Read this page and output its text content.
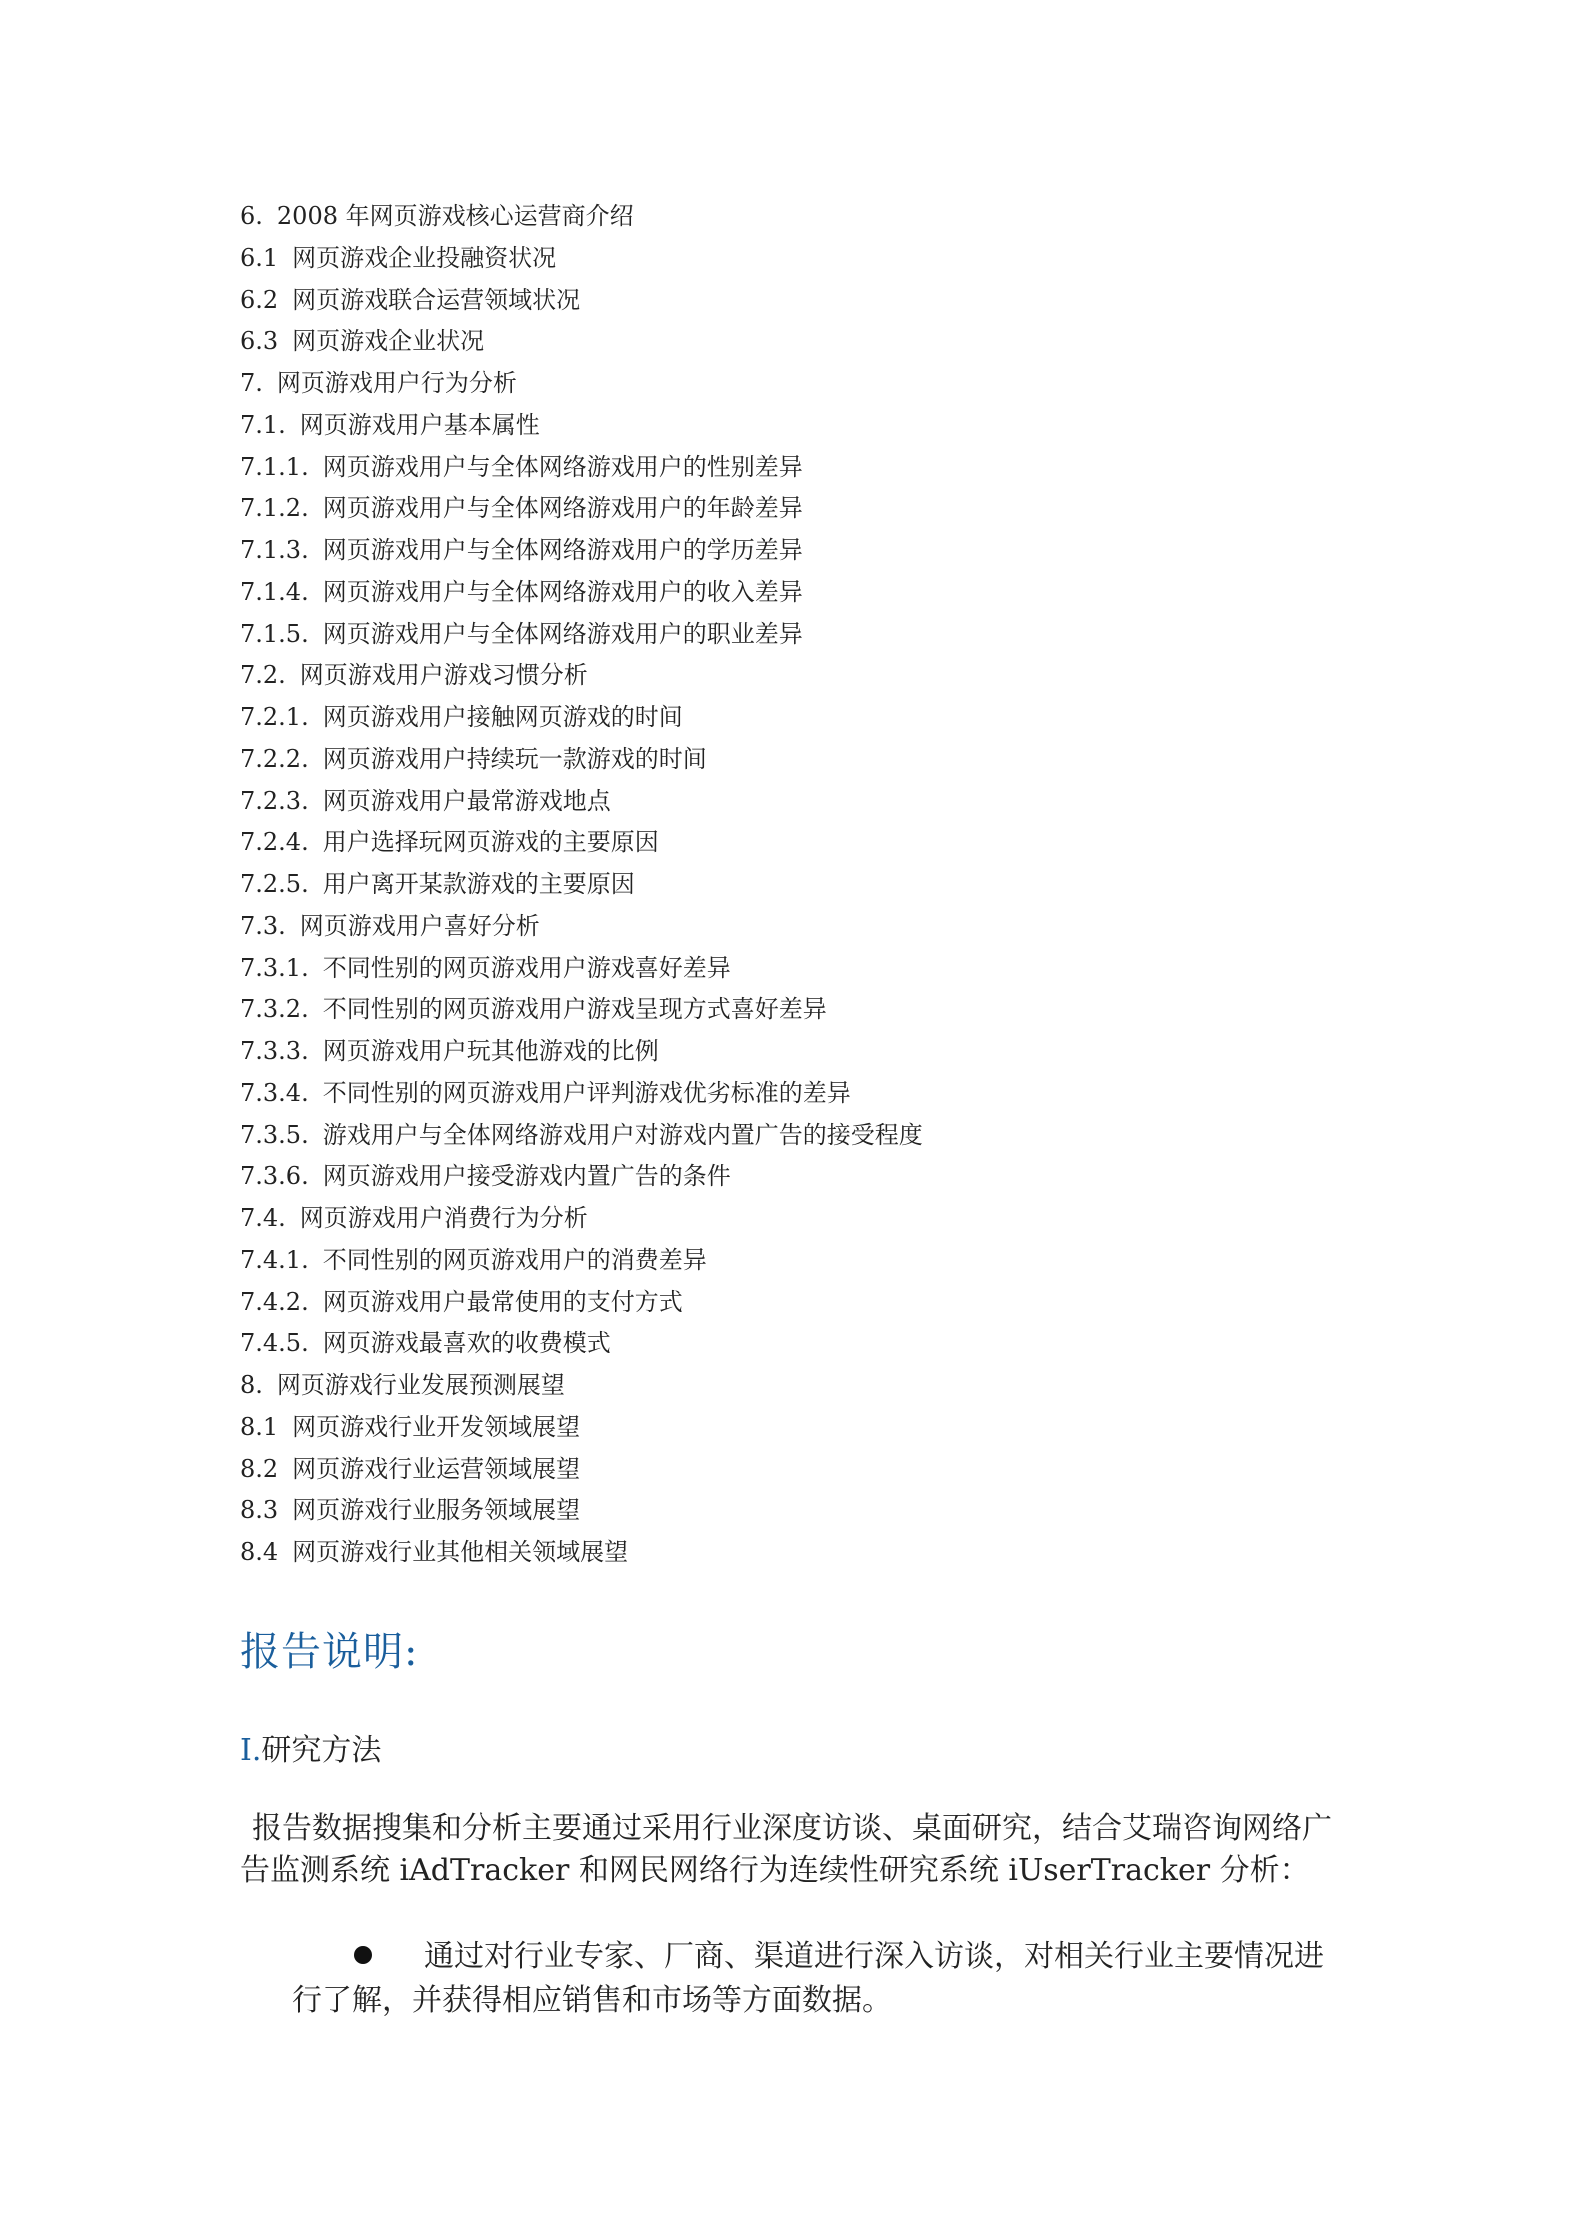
6. 2008 年网页游戏核心运营商介绍
6.1 网页游戏企业投融资状况
6.2 网页游戏联合运营领域状况
6.3 网页游戏企业状况
7. 网页游戏用户行为分析
7.1. 网页游戏用户基本属性
7.1.1. 网页游戏用户与全体网络游戏用户的性别差异
7.1.2. 网页游戏用户与全体网络游戏用户的年龄差异
7.1.3. 网页游戏用户与全体网络游戏用户的学历差异
7.1.4. 网页游戏用户与全体网络游戏用户的收入差异
7.1.5. 网页游戏用户与全体网络游戏用户的职业差异
7.2. 网页游戏用户游戏习惯分析
7.2.1. 网页游戏用户接触网页游戏的时间
7.2.2. 网页游戏用户持续玩一款游戏的时间
7.2.3. 网页游戏用户最常游戏地点
7.2.4. 用户选择玩网页游戏的主要原因
7.2.5. 用户离开某款游戏的主要原因
7.3. 网页游戏用户喜好分析
7.3.1. 不同性别的网页游戏用户游戏喜好差异
7.3.2. 不同性别的网页游戏用户游戏呈现方式喜好差异
7.3.3. 网页游戏用户玩其他游戏的比例
7.3.4. 不同性别的网页游戏用户评判游戏优劣标准的差异
7.3.5. 游戏用户与全体网络游戏用户对游戏内置广告的接受程度
7.3.6. 网页游戏用户接受游戏内置广告的条件
7.4. 网页游戏用户消费行为分析
7.4.1. 不同性别的网页游戏用户的消费差异
7.4.2. 网页游戏用户最常使用的支付方式
7.4.5. 网页游戏最喜欢的收费模式
8. 网页游戏行业发展预测展望
8.1 网页游戏行业开发领域展望
8.2 网页游戏行业运营领域展望
8.3 网页游戏行业服务领域展望
8.4 网页游戏行业其他相关领域展望
报告说明:
I.研究方法

报告数据搜集和分析主要通过采用行业深度访谈、桌面研究，结合艾瑞咨询网络广告监测系统 iAdTracker 和网民网络行为连续性研究系统 iUserTracker 分析：

通过对行业专家、厂商、渠道进行深入访谈，对相关行业主要情况进行了解，并获得相应销售和市场等方面数据。
